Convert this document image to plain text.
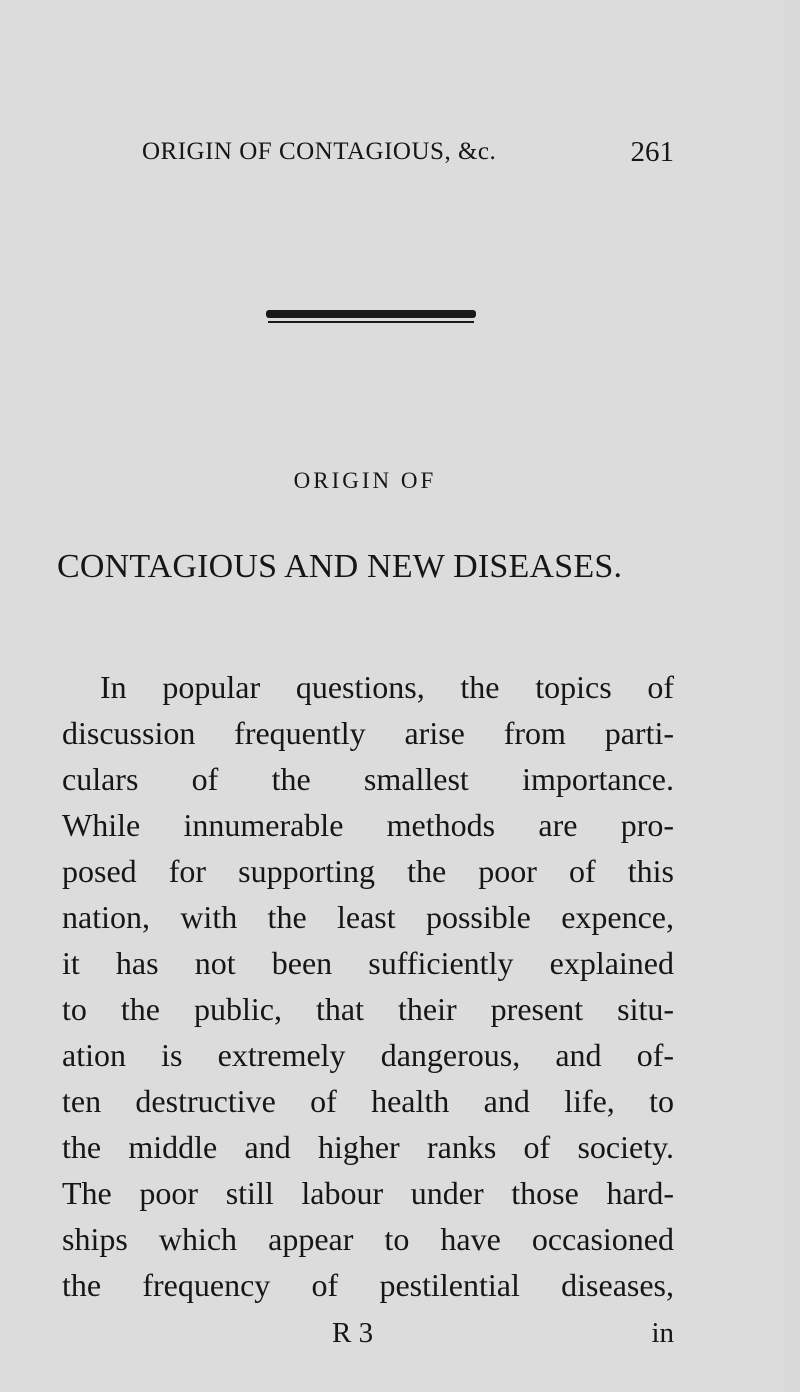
ORIGIN OF CONTAGIOUS, &c.	261
ORIGIN OF
CONTAGIOUS AND NEW DISEASES.
In popular questions, the topics of
discussion frequently arise from parti-
culars of the smallest importance.
While innumerable methods are pro-
posed for supporting the poor of this
nation, with the least possible expence,
it has not been sufficiently explained
to the public, that their present situ-
ation is extremely dangerous, and of-
ten destructive of health and life, to
the middle and higher ranks of society.
The poor still labour under those hard-
ships which appear to have occasioned
the frequency of pestilential diseases,
R 3	in
